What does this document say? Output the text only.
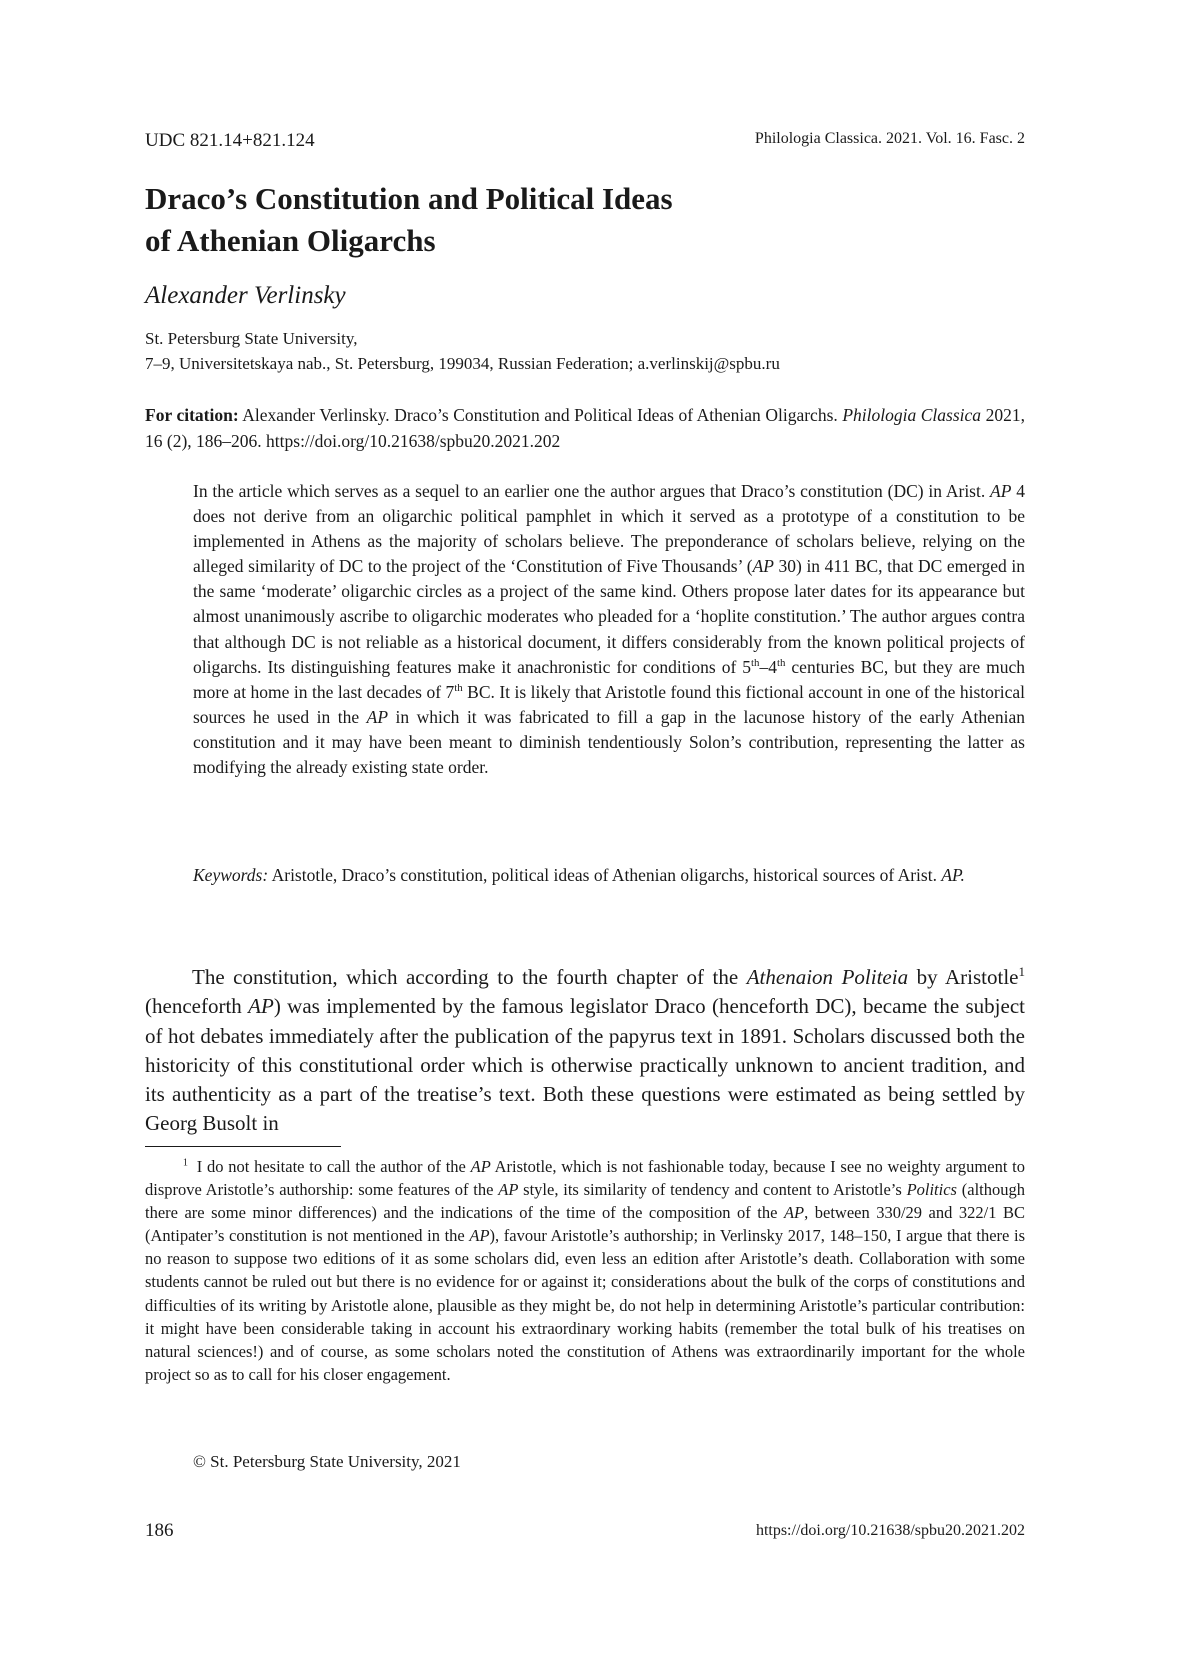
UDC 821.14+821.124	Philologia Classica. 2021. Vol. 16. Fasc. 2
Draco’s Constitution and Political Ideas
of Athenian Oligarchs
Alexander Verlinsky
St. Petersburg State University,
7–9, Universitetskaya nab., St. Petersburg, 199034, Russian Federation; a.verlinskij@spbu.ru
For citation: Alexander Verlinsky. Draco’s Constitution and Political Ideas of Athenian Oligarchs. Philologia Classica 2021, 16 (2), 186–206. https://doi.org/10.21638/spbu20.2021.202
In the article which serves as a sequel to an earlier one the author argues that Draco’s constitution (DC) in Arist. AP 4 does not derive from an oligarchic political pamphlet in which it served as a prototype of a constitution to be implemented in Athens as the majority of scholars believe. The preponderance of scholars believe, relying on the alleged similarity of DC to the project of the ‘Constitution of Five Thousands’ (AP 30) in 411 BC, that DC emerged in the same ‘moderate’ oligarchic circles as a project of the same kind. Others propose later dates for its appearance but almost unanimously ascribe to oligarchic moderates who pleaded for a ‘hoplite constitution.’ The author argues contra that although DC is not reliable as a historical document, it differs considerably from the known political projects of oligarchs. Its distinguishing features make it anachronistic for conditions of 5th–4th centuries BC, but they are much more at home in the last decades of 7th BC. It is likely that Aristotle found this fictional account in one of the historical sources he used in the AP in which it was fabricated to fill a gap in the lacunose history of the early Athenian constitution and it may have been meant to diminish tendentiously Solon’s contribution, representing the latter as modifying the already existing state order.
Keywords: Aristotle, Draco’s constitution, political ideas of Athenian oligarchs, historical sources of Arist. AP.
The constitution, which according to the fourth chapter of the Athenaion Politeia by Aristotle$^1$ (henceforth AP) was implemented by the famous legislator Draco (henceforth DC), became the subject of hot debates immediately after the publication of the papyrus text in 1891. Scholars discussed both the historicity of this constitutional order which is otherwise practically unknown to ancient tradition, and its authenticity as a part of the treatise’s text. Both these questions were estimated as being settled by Georg Busolt in
$^1$ I do not hesitate to call the author of the AP Aristotle, which is not fashionable today, because I see no weighty argument to disprove Aristotle’s authorship: some features of the AP style, its similarity of tendency and content to Aristotle’s Politics (although there are some minor differences) and the indications of the time of the composition of the AP, between 330/29 and 322/1 BC (Antipater’s constitution is not mentioned in the AP), favour Aristotle’s authorship; in Verlinsky 2017, 148–150, I argue that there is no reason to suppose two editions of it as some scholars did, even less an edition after Aristotle’s death. Collaboration with some students cannot be ruled out but there is no evidence for or against it; considerations about the bulk of the corps of constitutions and difficulties of its writing by Aristotle alone, plausible as they might be, do not help in determining Aristotle’s particular contribution: it might have been considerable taking in account his extraordinary working habits (remember the total bulk of his treatises on natural sciences!) and of course, as some scholars noted the constitution of Athens was extraordinarily important for the whole project so as to call for his closer engagement.
© St. Petersburg State University, 2021
186	https://doi.org/10.21638/spbu20.2021.202
